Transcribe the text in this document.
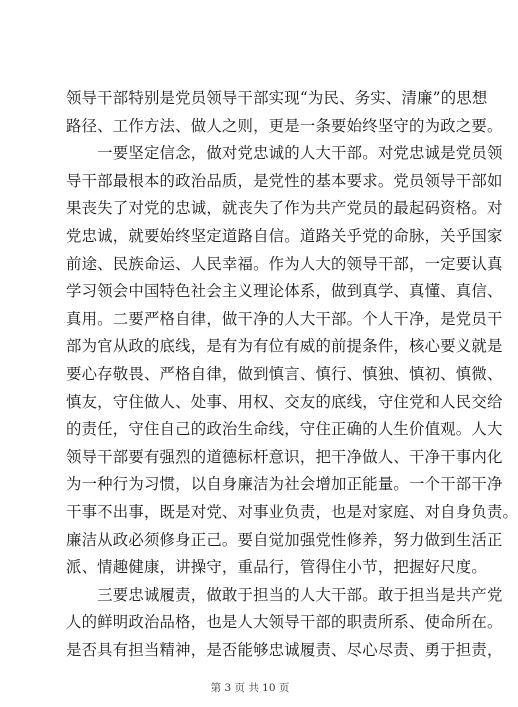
领导干部特别是党员领导干部实现“为民、务实、清廉”的思想
路径、工作方法、做人之则，更是一条要始终坚守的为政之要。
　　一要坚定信念，做对党忠诚的人大干部。对党忠诚是党员领
导干部最根本的政治品质，是党性的基本要求。党员领导干部如
果丧失了对党的忠诚，就丧失了作为共产党员的最起码资格。对
党忠诚，就要始终坚定道路自信。道路关乎党的命脉，关乎国家
前途、民族命运、人民幸福。作为人大的领导干部，一定要认真
学习领会中国特色社会主义理论体系，做到真学、真懂、真信、
真用。二要严格自律，做干净的人大干部。个人干净，是党员干
部为官从政的底线，是有为有位有威的前提条件，核心要义就是
要心存敬畏、严格自律，做到慎言、慎行、慎独、慎初、慎微、
慎友，守住做人、处事、用权、交友的底线，守住党和人民交给
的责任，守住自己的政治生命线，守住正确的人生价值观。人大
领导干部要有强烈的道德标杆意识，把干净做人、干净干事内化
为一种行为习惯，以自身廉洁为社会增加正能量。一个干部干净
干事不出事，既是对党、对事业负责，也是对家庭、对自身负责。
廉洁从政必须修身正己。要自觉加强党性修养，努力做到生活正
派、情趣健康，讲操守，重品行，管得住小节，把握好尺度。
　　三要忠诚履责，做敢于担当的人大干部。敢于担当是共产党
人的鲜明政治品格，也是人大领导干部的职责所系、使命所在。
是否具有担当精神，是否能够忠诚履责、尽心尽责、勇于担责，
第 3 页 共 10 页
